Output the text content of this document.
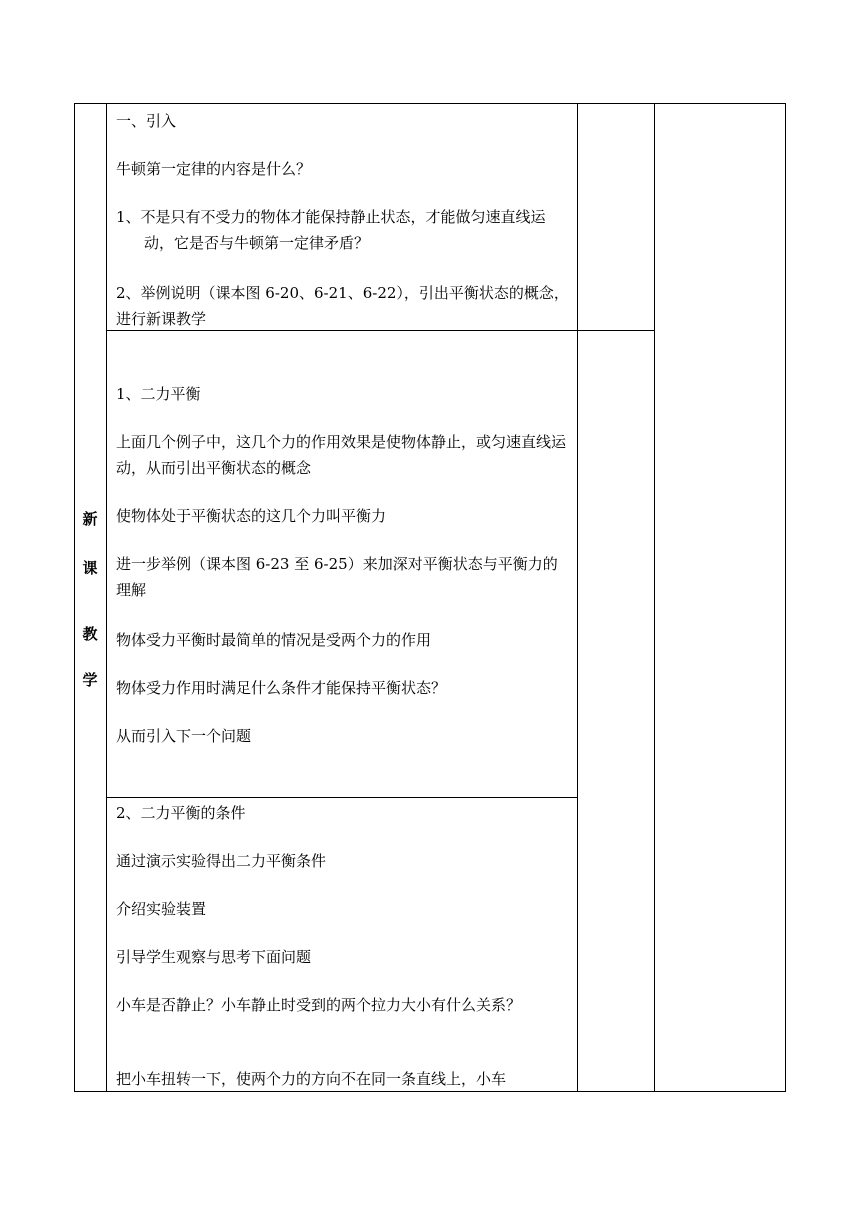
新
课
教
学

一、引入

牛顿第一定律的内容是什么？

1、不是只有不受力的物体才能保持静止状态，才能做匀速直线运动，它是否与牛顿第一定律矛盾？

2、举例说明（课本图 6-20、6-21、6-22），引出平衡状态的概念，进行新课教学

1、二力平衡

上面几个例子中，这几个力的作用效果是使物体静止，或匀速直线运动，从而引出平衡状态的概念

使物体处于平衡状态的这几个力叫平衡力

进一步举例（课本图 6-23 至 6-25）来加深对平衡状态与平衡力的理解

物体受力平衡时最简单的情况是受两个力的作用

物体受力作用时满足什么条件才能保持平衡状态？

从而引入下一个问题

2、二力平衡的条件

通过演示实验得出二力平衡条件

介绍实验装置

引导学生观察与思考下面问题

小车是否静止？小车静止时受到的两个拉力大小有什么关系？

把小车扭转一下，使两个力的方向不在同一条直线上，小车
